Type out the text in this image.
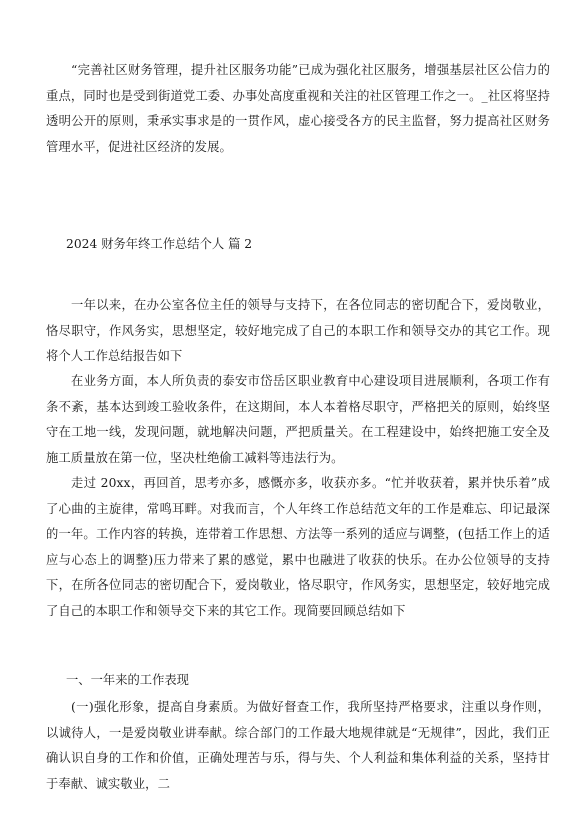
“完善社区财务管理，提升社区服务功能”已成为强化社区服务，增强基层社区公信力的重点，同时也是受到街道党工委、办事处高度重视和关注的社区管理工作之一。_社区将坚持透明公开的原则，秉承实事求是的一贯作风，虚心接受各方的民主监督，努力提高社区财务管理水平，促进社区经济的发展。

2024 财务年终工作总结个人 篇 2

一年以来，在办公室各位主任的领导与支持下，在各位同志的密切配合下，爱岗敬业，恪尽职守，作风务实，思想坚定，较好地完成了自己的本职工作和领导交办的其它工作。现将个人工作总结报告如下

在业务方面，本人所负责的泰安市岱岳区职业教育中心建设项目进展顺利，各项工作有条不紊，基本达到竣工验收条件，在这期间，本人本着格尽职守，严格把关的原则，始终坚守在工地一线，发现问题，就地解决问题，严把质量关。在工程建设中，始终把施工安全及施工质量放在第一位，坚决杜绝偷工减料等违法行为。

走过 20xx，再回首，思考亦多，感慨亦多，收获亦多。“忙并收获着，累并快乐着”成了心曲的主旋律，常鸣耳畔。对我而言，个人年终工作总结范文年的工作是难忘、印记最深的一年。工作内容的转换，连带着工作思想、方法等一系列的适应与调整，(包括工作上的适应与心态上的调整)压力带来了累的感觉，累中也融进了收获的快乐。在办公位领导的支持下，在所各位同志的密切配合下，爱岗敬业，恪尽职守，作风务实，思想坚定，较好地完成了自己的本职工作和领导交下来的其它工作。现简要回顾总结如下

一、一年来的工作表现

(一)强化形象，提高自身素质。为做好督查工作，我所坚持严格要求，注重以身作则，以诚待人，一是爱岗敬业讲奉献。综合部门的工作最大地规律就是“无规律”，因此，我们正确认识自身的工作和价值，正确处理苦与乐，得与失、个人利益和集体利益的关系，坚持甘于奉献、诚实敬业，二
